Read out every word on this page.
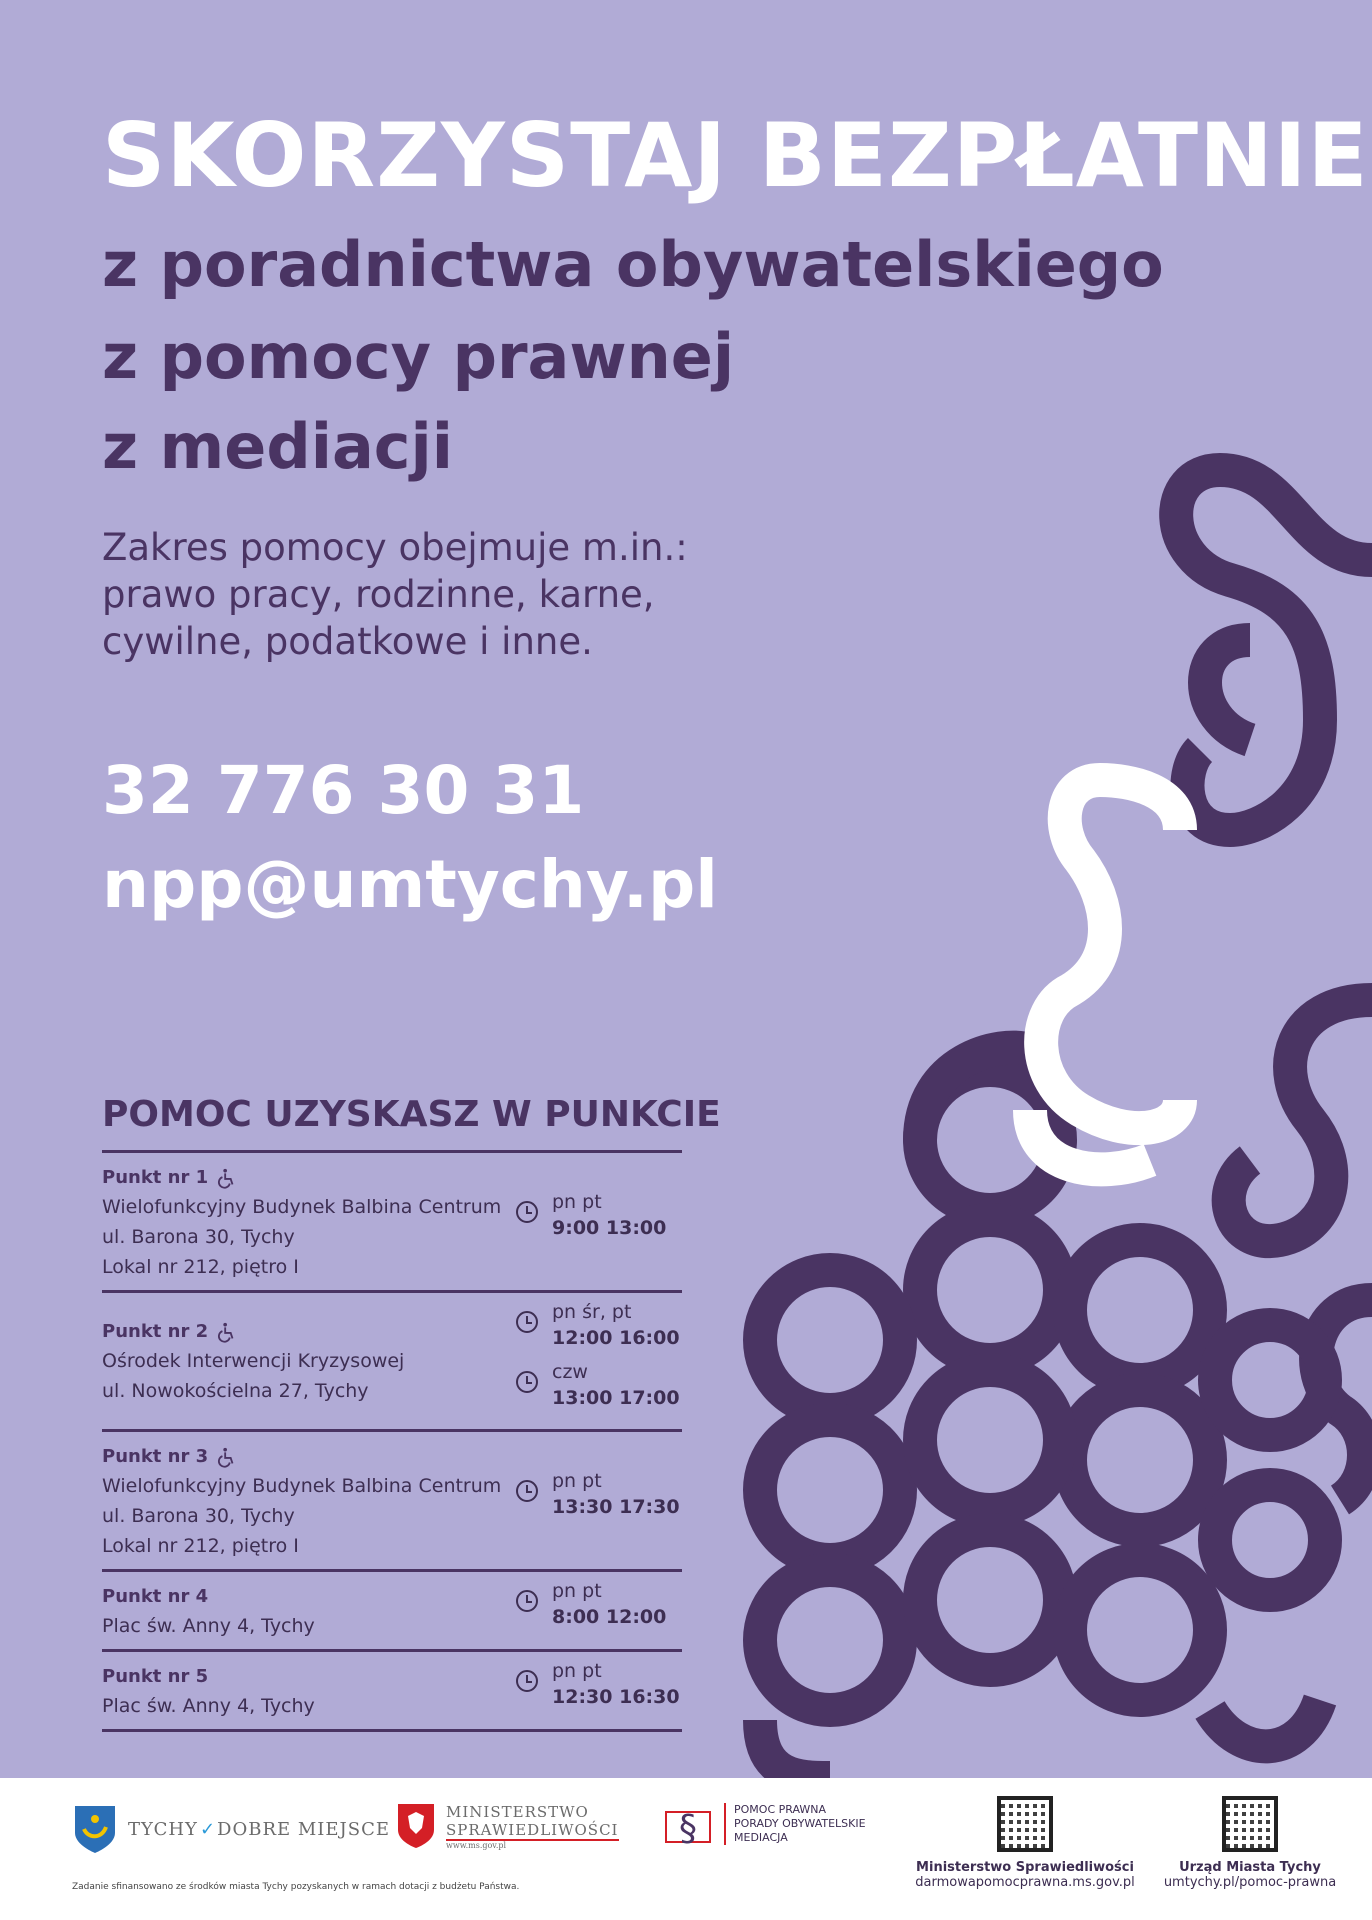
SKORZYSTAJ BEZPŁATNIE
z poradnictwa obywatelskiego
z pomocy prawnej
z mediacji
Zakres pomocy obejmuje m.in.:
prawo pracy, rodzinne, karne,
cywilne, podatkowe i inne.
32 776 30 31
npp@umtychy.pl
POMOC UZYSKASZ W PUNKCIE
Punkt nr 1
Wielofunkcyjny Budynek Balbina Centrum
ul. Barona 30, Tychy
Lokal nr 212, piętro I
pn pt
9:00 13:00
Punkt nr 2
Ośrodek Interwencji Kryzysowej
ul. Nowokościelna 27, Tychy
pn śr, pt
12:00 16:00
czw
13:00 17:00
Punkt nr 3
Wielofunkcyjny Budynek Balbina Centrum
ul. Barona 30, Tychy
Lokal nr 212, piętro I
pn pt
13:30 17:30
Punkt nr 4
Plac św. Anny 4, Tychy
pn pt
8:00 12:00
Punkt nr 5
Plac św. Anny 4, Tychy
pn pt
12:30 16:30
TYCHY ✓ DOBRE MIEJSCE
MINISTERSTWO
SPRAWIEDLIWOŚCI
www.ms.gov.pl	§	POMOC PRAWNA
PORADY OBYWATELSKIE
MEDIACJA
Ministerstwo Sprawiedliwości
darmowapomocprawna.ms.gov.pl
Urząd Miasta Tychy
umtychy.pl/pomoc-prawna
Zadanie sfinansowano ze środków miasta Tychy pozyskanych w ramach dotacji z budżetu Państwa.
